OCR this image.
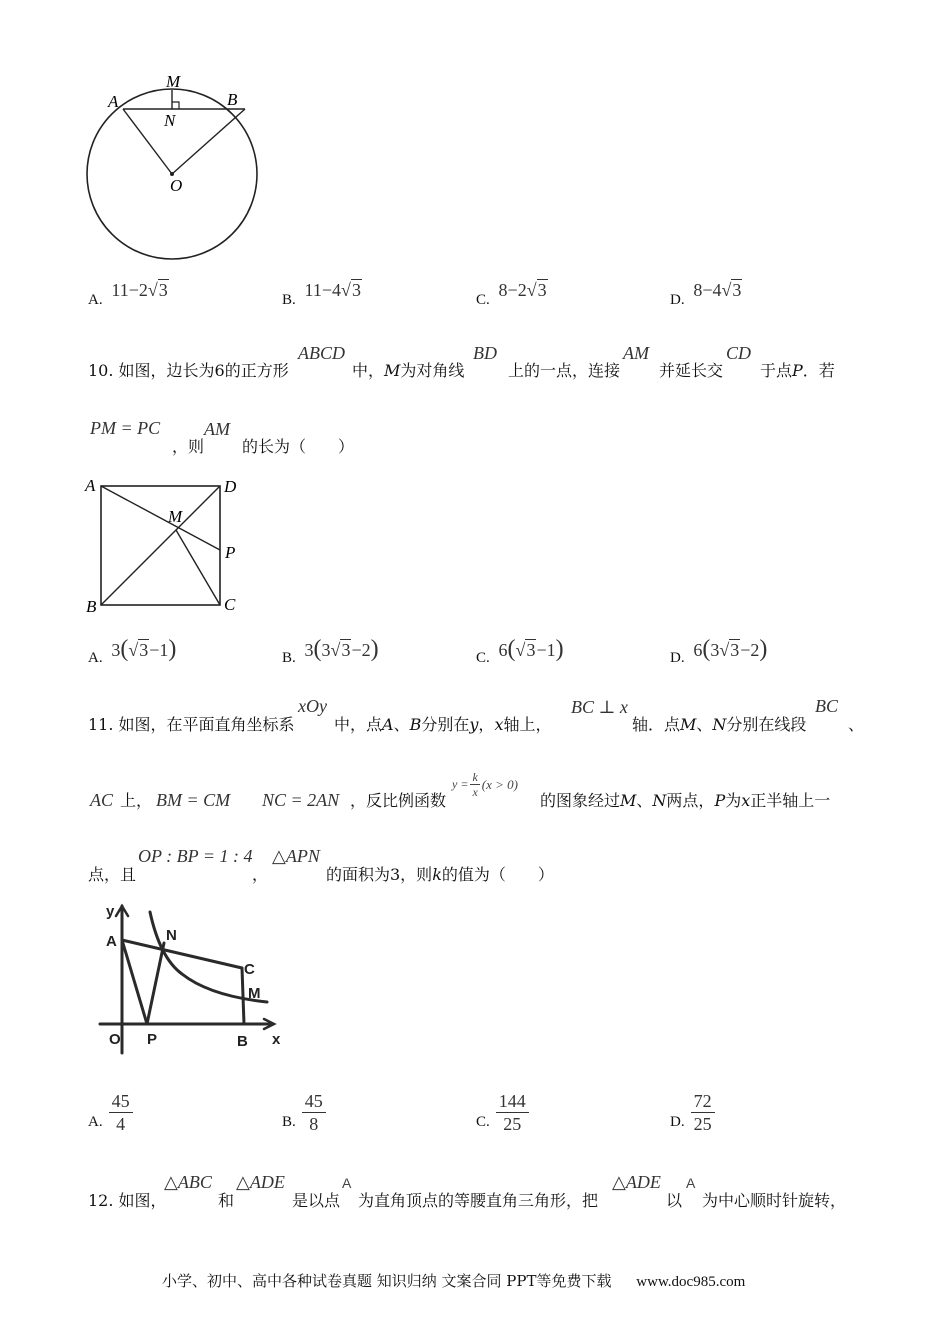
M
A	B
N
O
A. 11−2√3	B. 11−4√3	C. 8−2√3	D. 8−4√3
10. 如图，边长为6的正方形
ABCD
中，M为对角线
BD
上的一点，连接
AM
并延长交
CD
于点P．若
PM = PC
，则
AM
的长为（　　）
A	D
M
P
B	C
A. 3(√3−1)	B. 3(3√3−2)	C. 6(√3−1)	D. 6(3√3−2)
11. 如图，在平面直角坐标系
xOy
中，点A、B分别在y，x轴上，
BC ⊥ x
轴．点M、N分别在线段
BC
、
AC 上， BM = CM NC = 2AN ，反比例函数
$y = \frac{k}{x} (x > 0)$
的图象经过M、N两点，P为x正半轴上一
点，且
OP : BP = 1 : 4
，
△APN
的面积为3，则k的值为（　　）
y
A	N
C
M
O P	B x
A. $\frac{45}{4}$	B. $\frac{45}{8}$	C. $\frac{144}{25}$	D. $\frac{72}{25}$
12. 如图，
△ABC
和
△ADE
是以点
A
为直角顶点的等腰直角三角形，把
△ADE
以
A
为中心顺时针旋转，
小学、初中、高中各种试卷真题 知识归纳 文案合同 PPT等免费下载 www.doc985.com
